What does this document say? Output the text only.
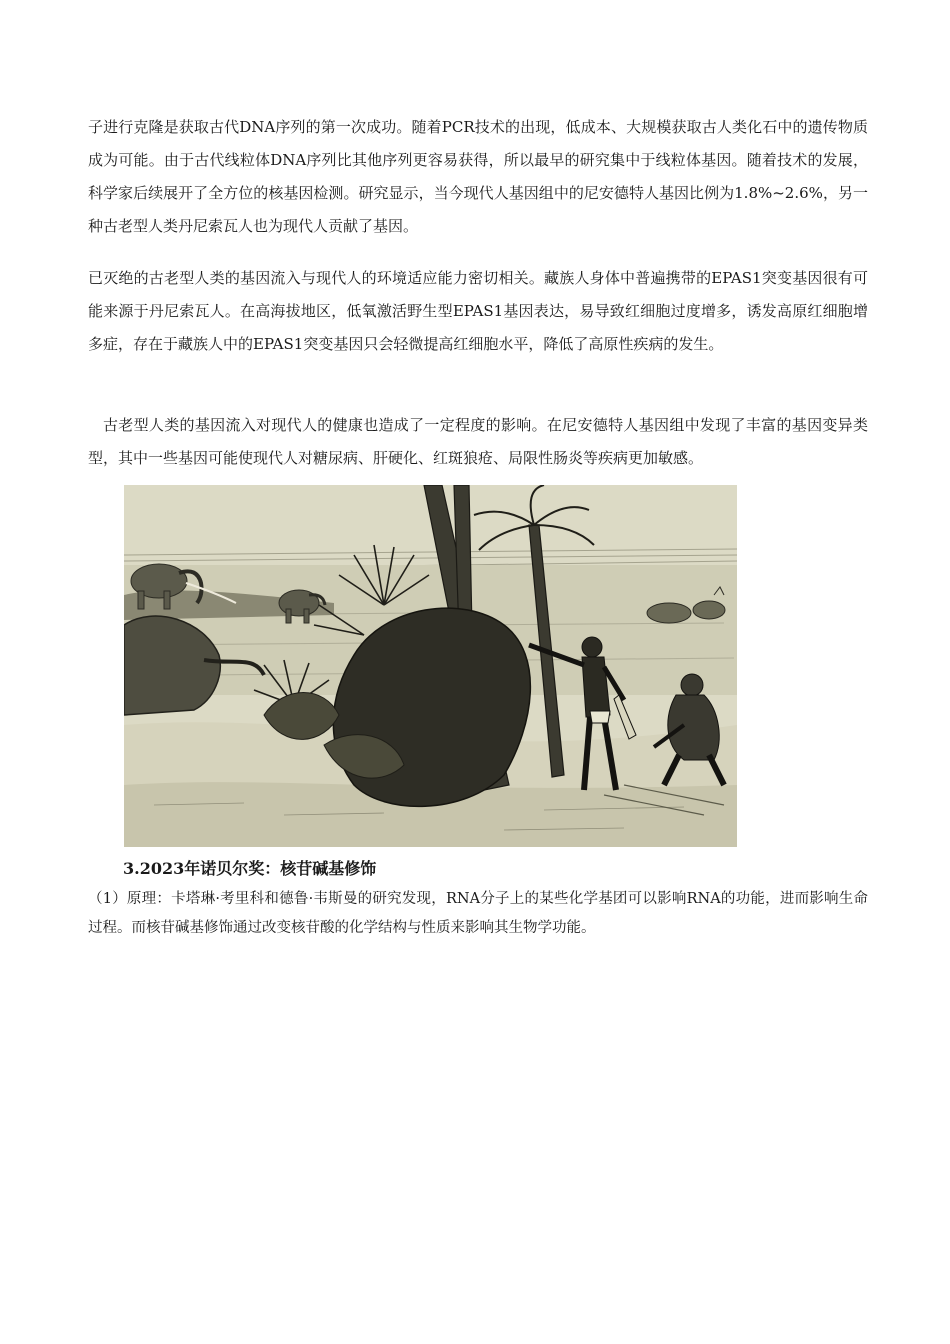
子进行克隆是获取古代DNA序列的第一次成功。随着PCR技术的出现，低成本、大规模获取古人类化石中的遗传物质成为可能。由于古代线粒体DNA序列比其他序列更容易获得，所以最早的研究集中于线粒体基因。随着技术的发展，科学家后续展开了全方位的核基因检测。研究显示，当今现代人基因组中的尼安德特人基因比例为1.8%~2.6%，另一种古老型人类丹尼索瓦人也为现代人贡献了基因。

已灭绝的古老型人类的基因流入与现代人的环境适应能力密切相关。藏族人身体中普遍携带的EPAS1突变基因很有可能来源于丹尼索瓦人。在高海拔地区，低氧激活野生型EPAS1基因表达，易导致红细胞过度增多，诱发高原红细胞增多症，存在于藏族人中的EPAS1突变基因只会轻微提高红细胞水平，降低了高原性疾病的发生。

古老型人类的基因流入对现代人的健康也造成了一定程度的影响。在尼安德特人基因组中发现了丰富的基因变异类型，其中一些基因可能使现代人对糖尿病、肝硬化、红斑狼疮、局限性肠炎等疾病更加敏感。

3.2023年诺贝尔奖：核苷碱基修饰

（1）原理：卡塔琳·考里科和德鲁·韦斯曼的研究发现，RNA分子上的某些化学基团可以影响RNA的功能，进而影响生命过程。而核苷碱基修饰通过改变核苷酸的化学结构与性质来影响其生物学功能。
